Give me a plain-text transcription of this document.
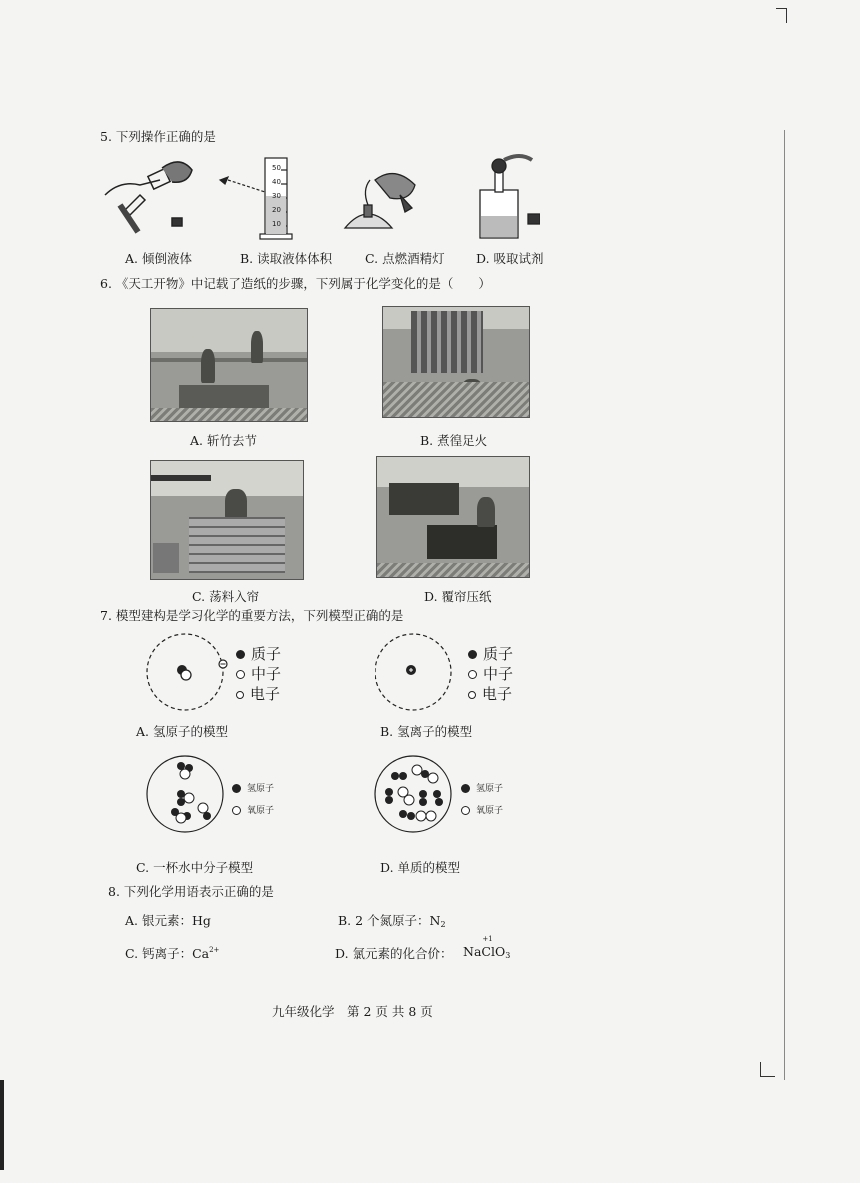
5. 下列操作正确的是
50
40
30
20
10
A. 倾倒液体	B. 读取液体体积	C. 点燃酒精灯	D. 吸取试剂
6. 《天工开物》中记载了造纸的步骤，下列属于化学变化的是（　　）
A. 斩竹去节	B. 煮徨足火
C. 荡料入帘	D. 覆帘压纸
7. 模型建构是学习化学的重要方法，下列模型正确的是
质子
中子
电子
A. 氢原子的模型
质子
中子
电子
B. 氢离子的模型
氢原子
氧原子
C. 一杯水中分子模型
氢原子
氧原子
D. 单质的模型
8. 下列化学用语表示正确的是
A. 银元素：Hg	B. 2 个氮原子：$N_2$
C. 钙离子：$Ca^{2+}$	D. 氯元素的化合价： Na
+1
ClO$_3$
九年级化学　第 2 页 共 8 页
